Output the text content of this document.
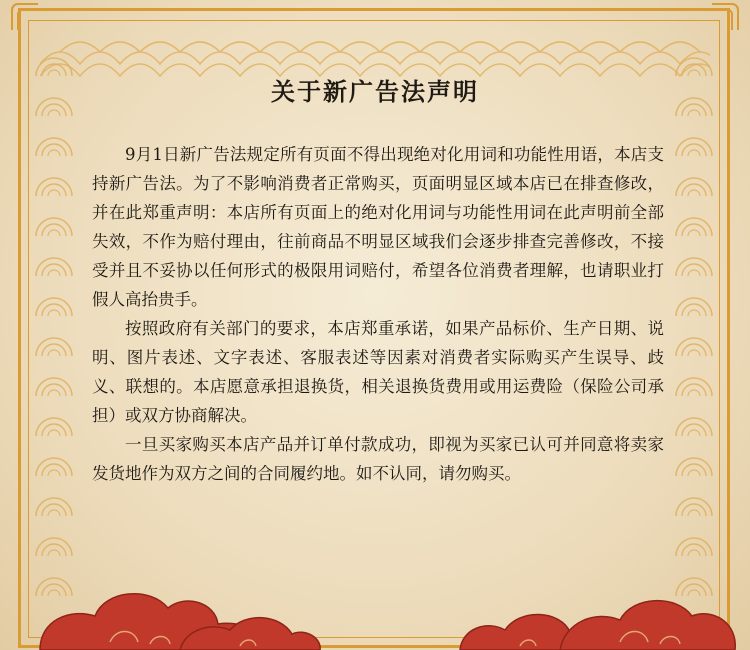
关于新广告法声明

9月1日新广告法规定所有页面不得出现绝对化用词和功能性用语，本店支持新广告法。为了不影响消费者正常购买，页面明显区域本店已在排查修改，并在此郑重声明：本店所有页面上的绝对化用词与功能性用词在此声明前全部失效，不作为赔付理由，往前商品不明显区域我们会逐步排查完善修改，不接受并且不妥协以任何形式的极限用词赔付，希望各位消费者理解，也请职业打假人高抬贵手。

按照政府有关部门的要求，本店郑重承诺，如果产品标价、生产日期、说明、图片表述、文字表述、客服表述等因素对消费者实际购买产生误导、歧义、联想的。本店愿意承担退换货，相关退换货费用或用运费险（保险公司承担）或双方协商解决。

一旦买家购买本店产品并订单付款成功，即视为买家已认可并同意将卖家发货地作为双方之间的合同履约地。如不认同，请勿购买。
